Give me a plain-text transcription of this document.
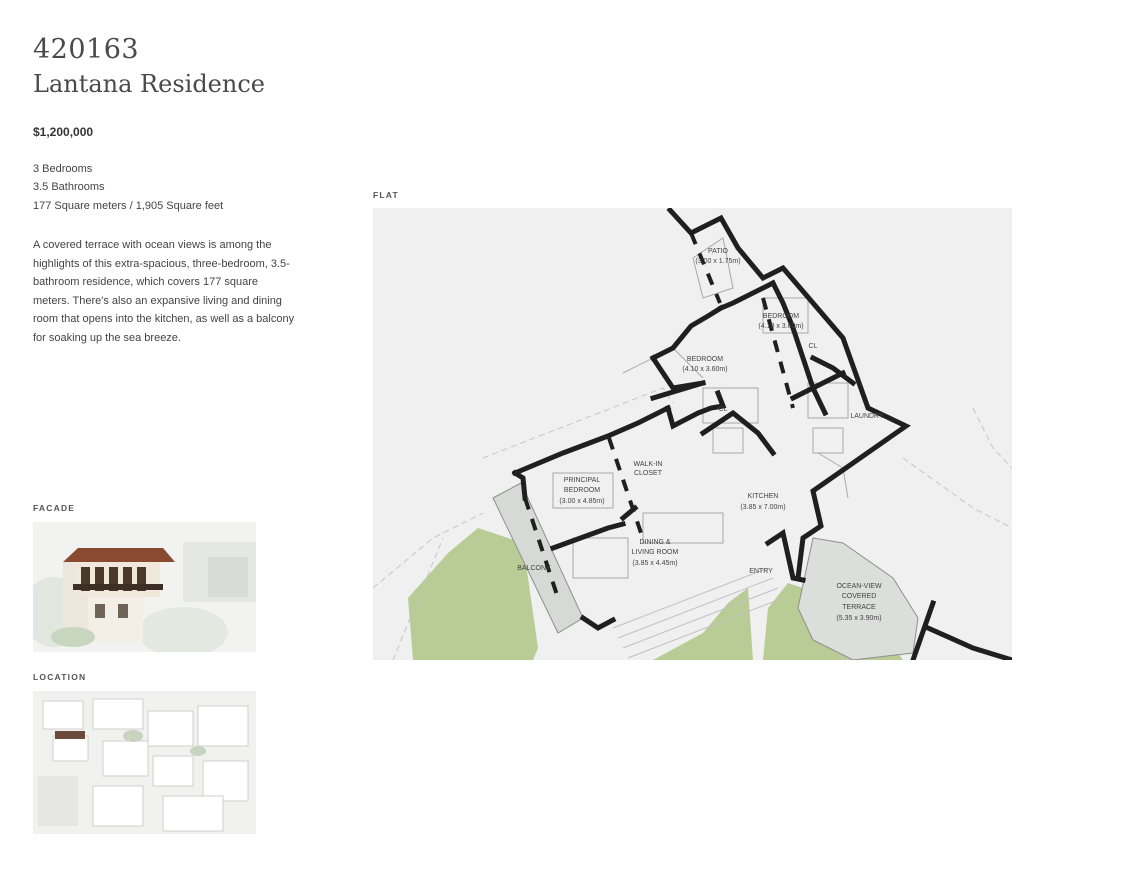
420163
Lantana Residence
$1,200,000
3 Bedrooms
3.5 Bathrooms
177 Square meters / 1,905 Square feet
A covered terrace with ocean views is among the highlights of this extra-spacious, three-bedroom, 3.5-bathroom residence, which covers 177 square meters. There's also an expansive living and dining room that opens into the kitchen, as well as a balcony for soaking up the sea breeze.
FLAT
FACADE
LOCATION
PATIO
(3.00 x 1.75m)
BEDROOM
(4.10 x 3.60m)
BEDROOM
(4.10 x 3.60m)
CL
CL
LAUNDRY
WALK-IN
CLOSET
PRINCIPAL
BEDROOM
(3.00 x 4.85m)
KITCHEN
(3.85 x 7.00m)
DINING &
LIVING ROOM
(3.85 x 4.45m)
BALCONY	ENTRY
OCEAN-VIEW
COVERED
TERRACE
(5.35 x 3.90m)
